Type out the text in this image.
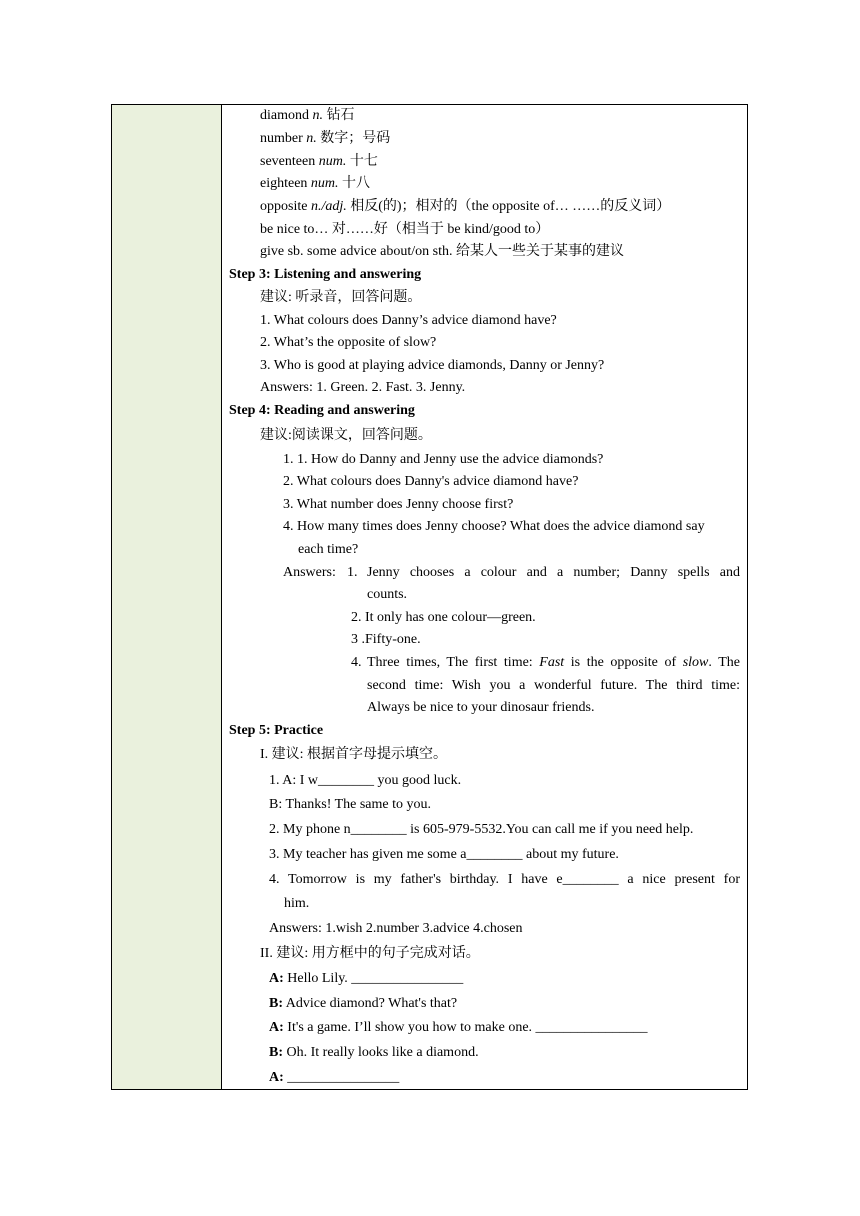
diamond n. 钻石
number n. 数字；号码
seventeen num. 十七
eighteen num. 十八
opposite n./adj. 相反(的)；相对的（the opposite of… ……的反义词）
be nice to… 对……好（相当于 be kind/good to）
give sb. some advice about/on sth. 给某人一些关于某事的建议
Step 3: Listening and answering
建议: 听录音，回答问题。
1. What colours does Danny’s advice diamond have?
2. What’s the opposite of slow?
3. Who is good at playing advice diamonds, Danny or Jenny?
Answers: 1. Green. 2. Fast. 3. Jenny.
Step 4: Reading and answering
建议:阅读课文，回答问题。
1. 1. How do Danny and Jenny use the advice diamonds?
2. What colours does Danny's advice diamond have?
3. What number does Jenny choose first?
4. How many times does Jenny choose? What does the advice diamond say
each time?
Answers: 1. Jenny chooses a colour and a number; Danny spells and
counts.
2. It only has one colour—green.
3 .Fifty-one.
4. Three times, The first time: Fast is the opposite of slow. The
second time: Wish you a wonderful future. The third time:
Always be nice to your dinosaur friends.
Step 5: Practice
I. 建议: 根据首字母提示填空。
1. A: I w________ you good luck.
B: Thanks! The same to you.
2. My phone n________ is 605-979-5532.You can call me if you need help.
3. My teacher has given me some a________ about my future.
4. Tomorrow is my father's birthday. I have e________ a nice present for
him.
Answers: 1.wish 2.number 3.advice 4.chosen
II. 建议: 用方框中的句子完成对话。
A: Hello Lily. ________________
B: Advice diamond? What's that?
A: It's a game. I’ll show you how to make one. ________________
B: Oh. It really looks like a diamond.
A: ________________
